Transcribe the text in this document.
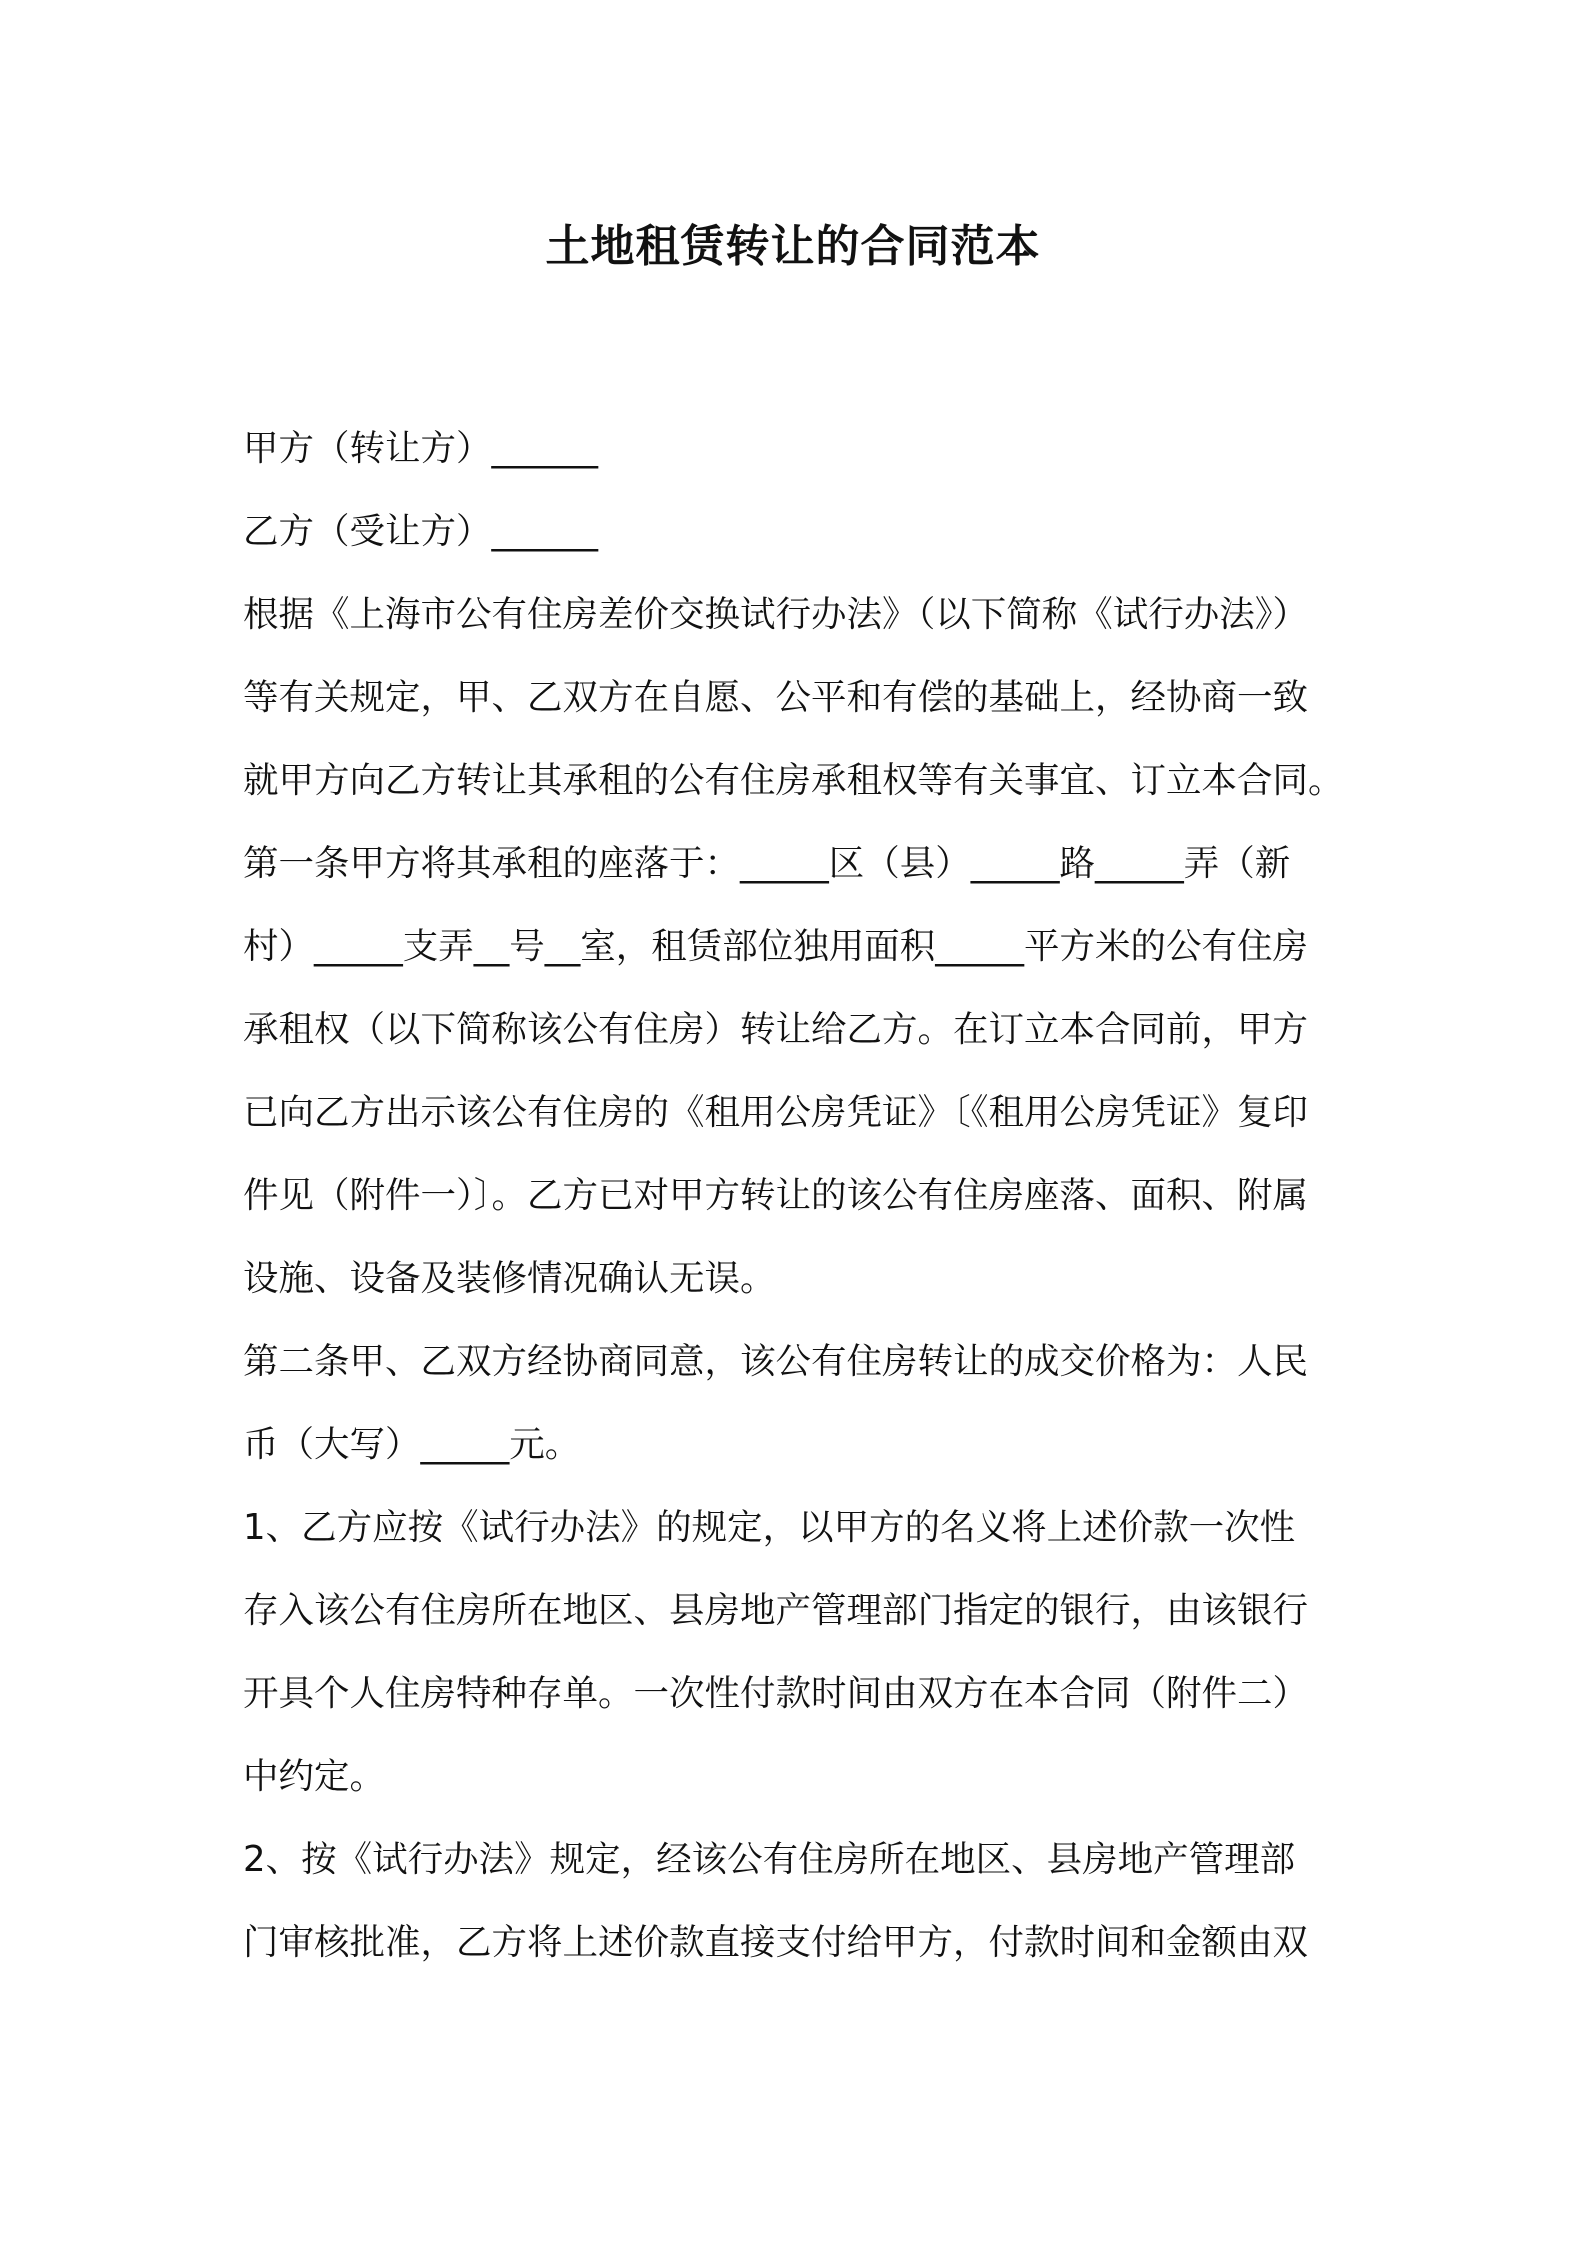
土地租赁转让的合同范本
甲方（转让方）______
乙方（受让方）______
根据《上海市公有住房差价交换试行办法》（以下简称《试行办法》）
等有关规定，甲、乙双方在自愿、公平和有偿的基础上，经协商一致
就甲方向乙方转让其承租的公有住房承租权等有关事宜、订立本合同。
第一条甲方将其承租的座落于：_____区（县）_____路_____弄（新
村）_____支弄__号__室，租赁部位独用面积_____平方米的公有住房
承租权（以下简称该公有住房）转让给乙方。在订立本合同前，甲方
已向乙方出示该公有住房的《租用公房凭证》〔《租用公房凭证》复印
件见（附件一）〕。乙方已对甲方转让的该公有住房座落、面积、附属
设施、设备及装修情况确认无误。
第二条甲、乙双方经协商同意，该公有住房转让的成交价格为：人民
币（大写）_____元。
1、乙方应按《试行办法》的规定，以甲方的名义将上述价款一次性
存入该公有住房所在地区、县房地产管理部门指定的银行，由该银行
开具个人住房特种存单。一次性付款时间由双方在本合同（附件二）
中约定。
2、按《试行办法》规定，经该公有住房所在地区、县房地产管理部
门审核批准，乙方将上述价款直接支付给甲方，付款时间和金额由双
